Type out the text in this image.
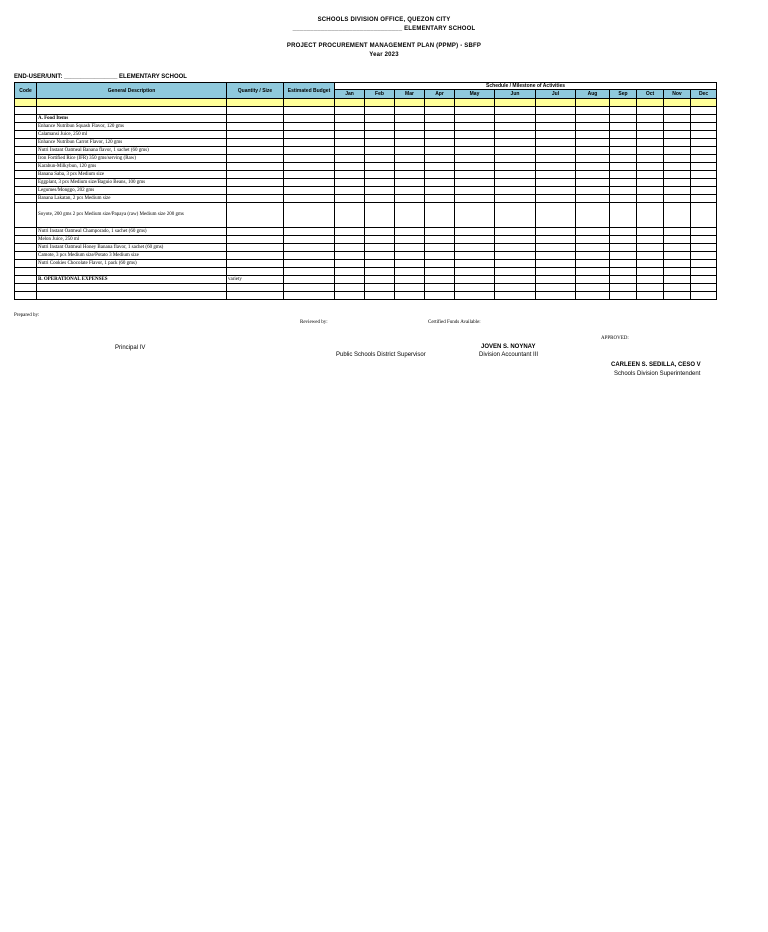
SCHOOLS DIVISION OFFICE, QUEZON CITY
_______________________________ ELEMENTARY SCHOOL
PROJECT PROCUREMENT MANAGEMENT PLAN (PPMP) - SBFP
Year 2023
END-USER/UNIT: ________________ ELEMENTARY SCHOOL
Code	General Description	Quantity / Size	Estimated Budget	Schedule / Milestone of Activities											
				Jan	Feb	Mar	Apr	May	Jun	Jul	Aug	Sep	Oct	Nov	Dec

	A. Food Items														
	Enhance Nutribun Squash Flavor, 120 gms														
	Calamansi Juice, 250 ml														
	Enhance Nutribun Carrot Flavor, 120 gms														
	Nutri Instant Oatmeal Banana flavor, 1 sachet (60 gms)														
	Iron Fortified Rice (IFR) 350 gms/serving (Raw)														
	Karabun-Milkybun, 120 gms														
	Banana Saba, 3 pcs Medium size														
	Eggplant, 3 pcs Medium size/Baguio Beans, 100 gms														
	Legumes/Monggo, 202 gms														
	Banana Lakatan, 2 pcs Medium size														
	Soyote, 200 gms 2 pcs Medium size/Papaya (raw) Medium size 200 gms														
	Nutri Instant Oatmeal Champorado, 1 sachet (60 gms)														
	Melon Juice, 250 ml														
	Nutri Instant Oatmeal Honey Banana flavor, 1 sachet (60 gms)														
	Camote, 3 pcs Medium size/Potato 3 Medium size														
	Nutri Cookies Chocolate Flavor, 1 pack (60 gms)														

	B. OPERATIONAL EXPENSES	variety													

Prepared by:
Reviewed by:	Certified Funds Available:
APPROVED:
Principal IV	JOVEN S. NOYNAY
Public Schools District Supervisor	Division Accountant III
CARLEEN S. SEDILLA, CESO V
Schools Division Superintendent
